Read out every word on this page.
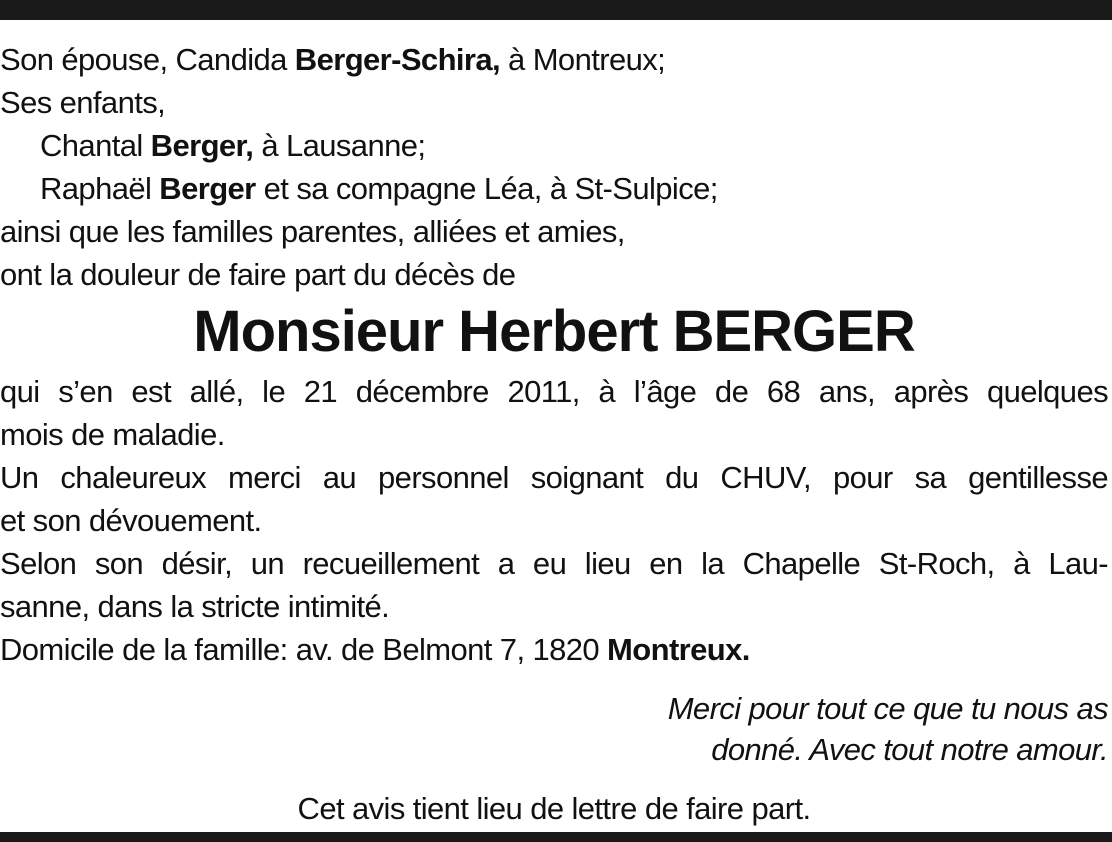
Son épouse, Candida Berger-Schira, à Montreux;
Ses enfants,
Chantal Berger, à Lausanne;
Raphaël Berger et sa compagne Léa, à St-Sulpice;
ainsi que les familles parentes, alliées et amies,
ont la douleur de faire part du décès de
Monsieur Herbert BERGER
qui s’en est allé, le 21 décembre 2011, à l’âge de 68 ans, après quelques
mois de maladie.
Un chaleureux merci au personnel soignant du CHUV, pour sa gentillesse
et son dévouement.
Selon son désir, un recueillement a eu lieu en la Chapelle St-Roch, à Lau-
sanne, dans la stricte intimité.
Domicile de la famille: av. de Belmont 7, 1820 Montreux.
Merci pour tout ce que tu nous as
donné. Avec tout notre amour.
Cet avis tient lieu de lettre de faire part.
